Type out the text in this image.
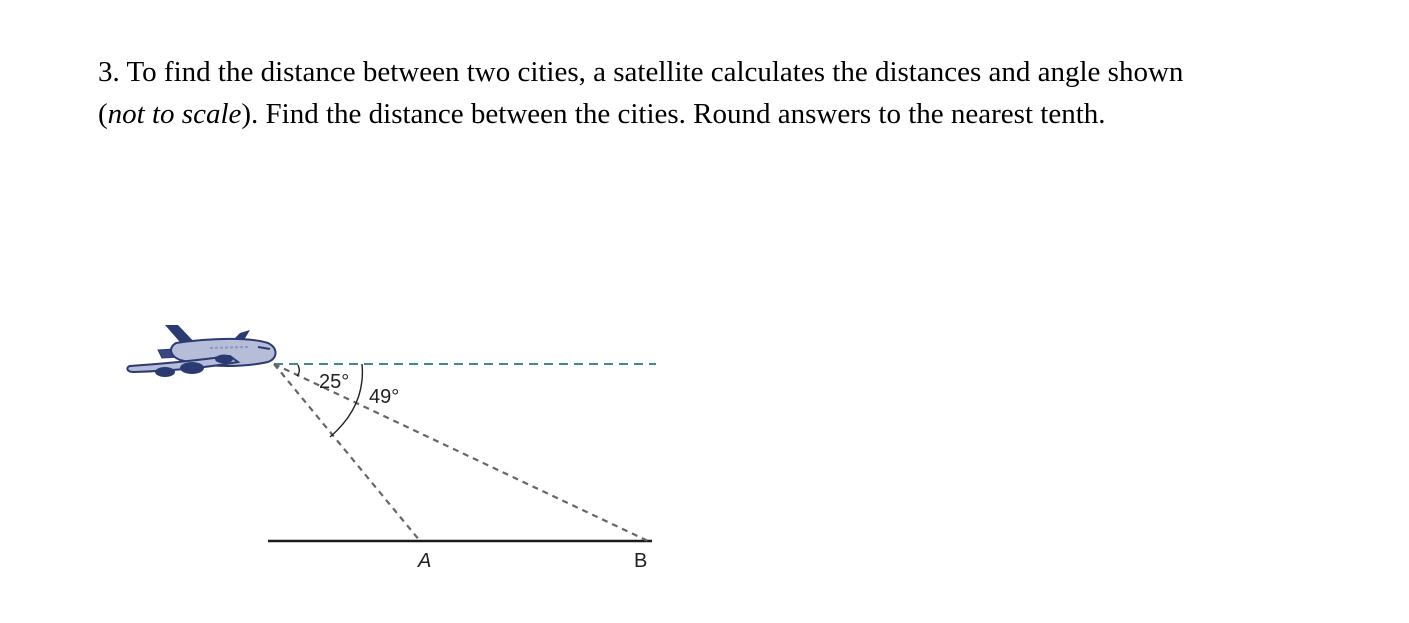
3. To find the distance between two cities, a satellite calculates the distances and angle shown (not to scale). Find the distance between the cities. Round answers to the nearest tenth.
25°
49°
A	B
